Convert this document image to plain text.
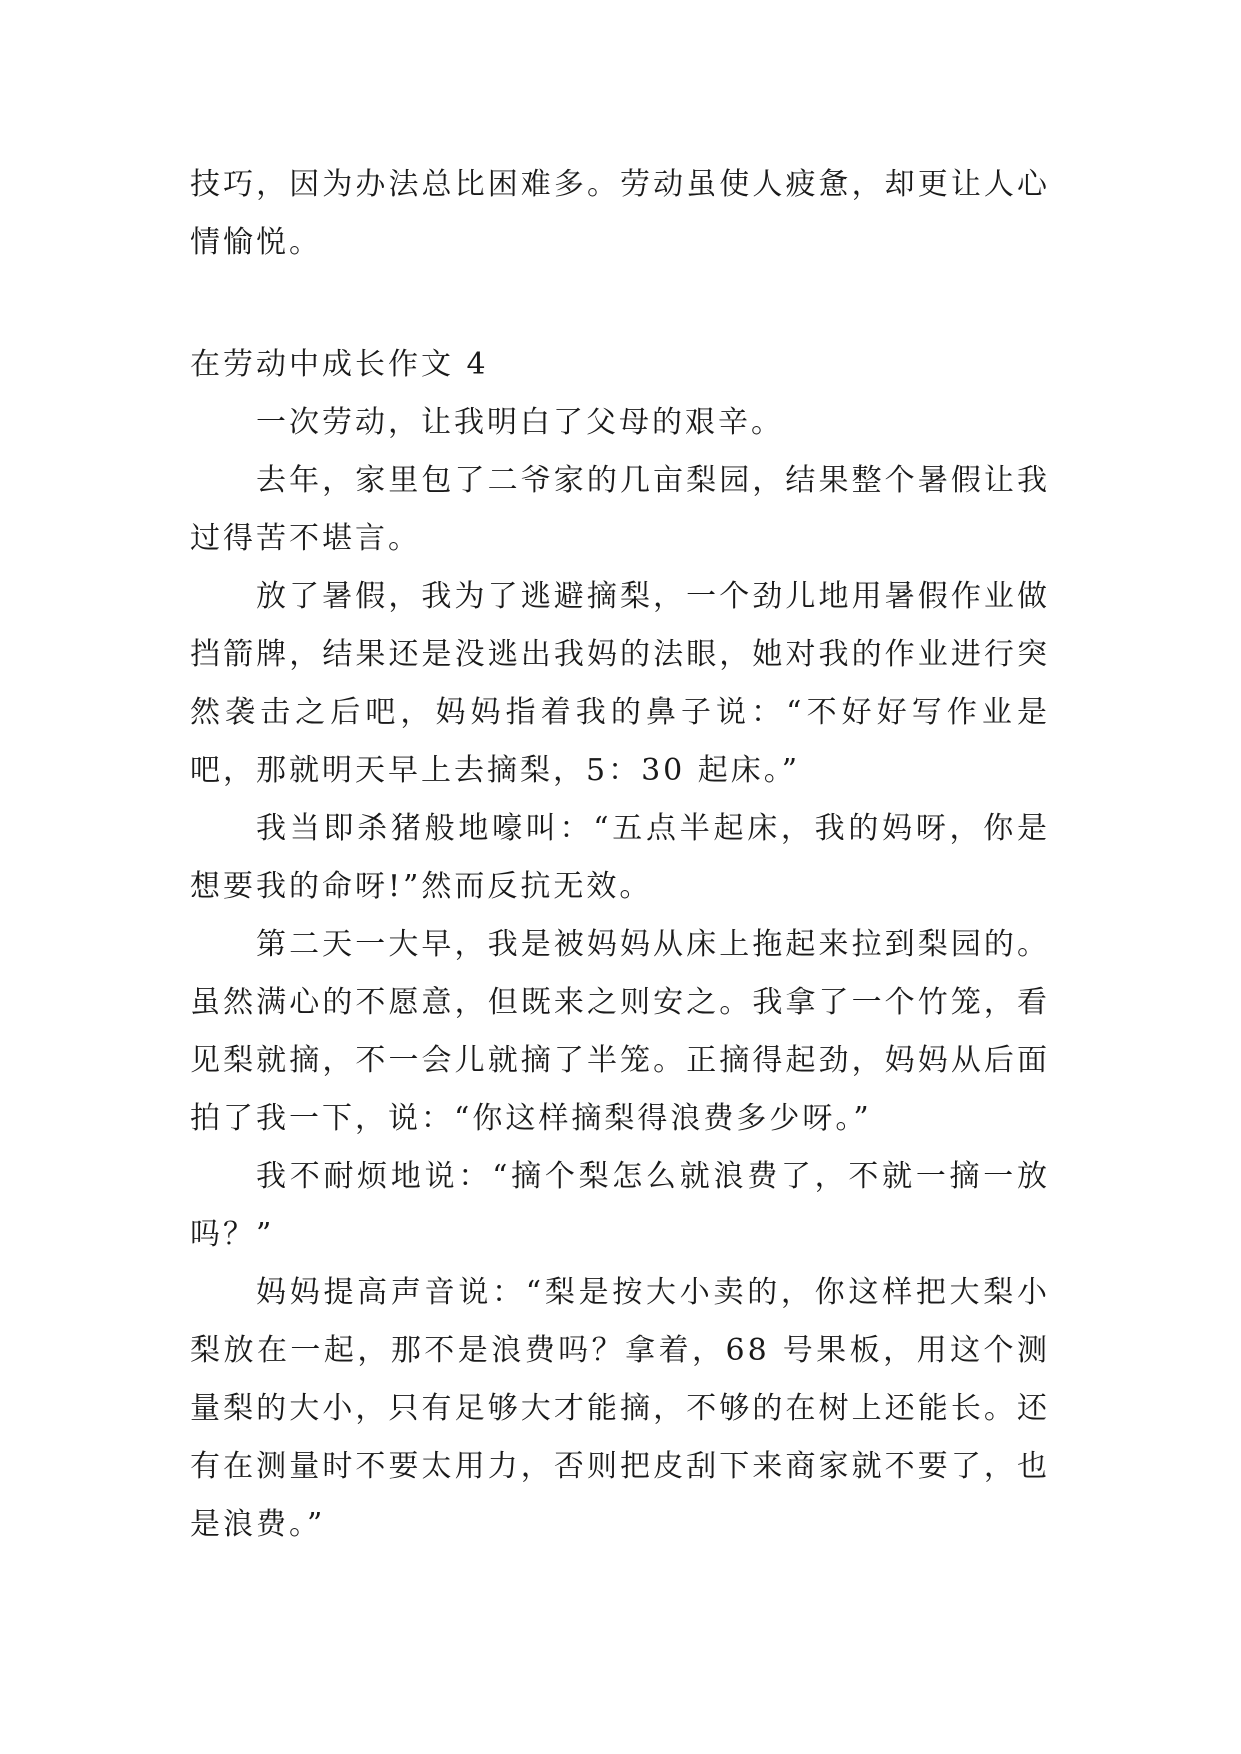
技巧，因为办法总比困难多。劳动虽使人疲惫，却更让人心情愉悦。

在劳动中成长作文 4

一次劳动，让我明白了父母的艰辛。

去年，家里包了二爷家的几亩梨园，结果整个暑假让我过得苦不堪言。

放了暑假，我为了逃避摘梨，一个劲儿地用暑假作业做挡箭牌，结果还是没逃出我妈的法眼，她对我的作业进行突然袭击之后吧，妈妈指着我的鼻子说：“不好好写作业是吧，那就明天早上去摘梨，5：30 起床。”

我当即杀猪般地嚎叫：“五点半起床，我的妈呀，你是想要我的命呀!”然而反抗无效。

第二天一大早，我是被妈妈从床上拖起来拉到梨园的。虽然满心的不愿意，但既来之则安之。我拿了一个竹笼，看见梨就摘，不一会儿就摘了半笼。正摘得起劲，妈妈从后面拍了我一下，说：“你这样摘梨得浪费多少呀。”

我不耐烦地说：“摘个梨怎么就浪费了，不就一摘一放吗？”

妈妈提高声音说：“梨是按大小卖的，你这样把大梨小梨放在一起，那不是浪费吗？拿着，68 号果板，用这个测量梨的大小，只有足够大才能摘，不够的在树上还能长。还有在测量时不要太用力，否则把皮刮下来商家就不要了，也是浪费。”
